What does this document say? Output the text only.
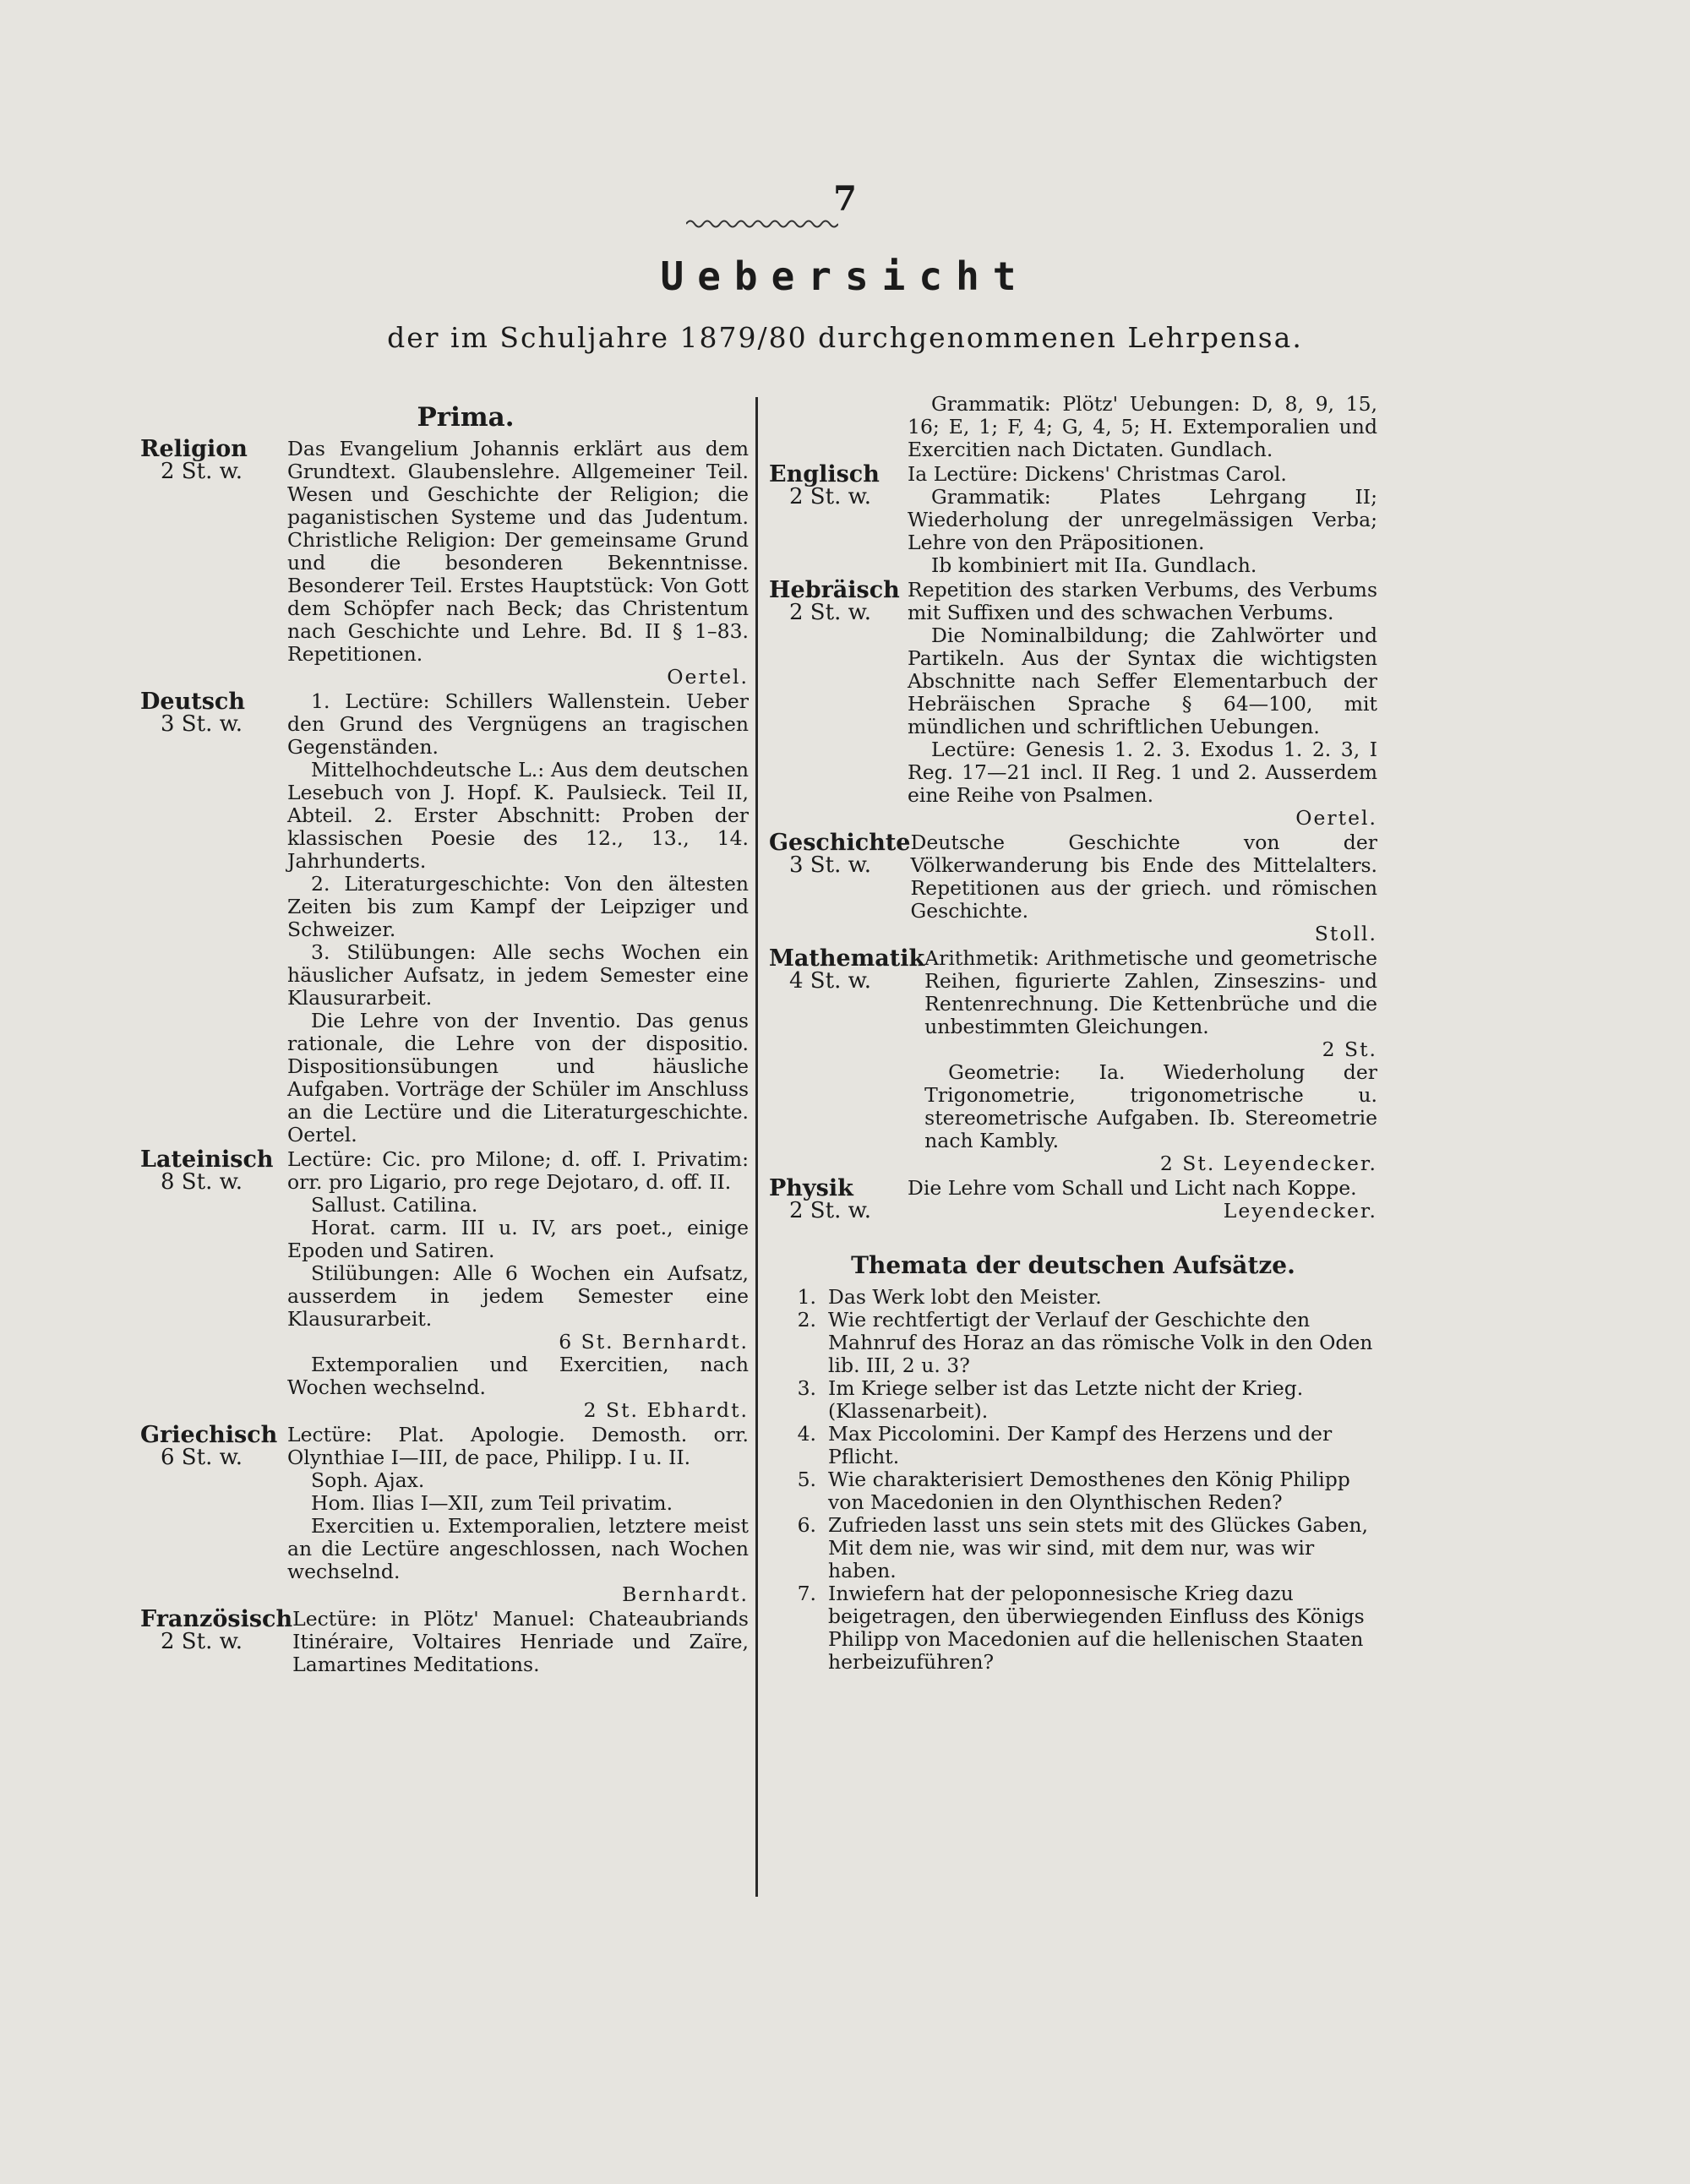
7
Uebersicht
der im Schuljahre 1879/80 durchgenommenen Lehrpensa.
Prima.
Religion
2 St. w.

Das Evangelium Johannis erklärt aus dem Grundtext. Glaubenslehre. Allgemeiner Teil. Wesen und Geschichte der Religion; die paganistischen Systeme und das Judentum. Christliche Religion: Der gemeinsame Grund und die besonderen Bekenntnisse. Besonderer Teil. Erstes Hauptstück: Von Gott dem Schöpfer nach Beck; das Christentum nach Geschichte und Lehre. Bd. II § 1–83. Repetitionen.

Oertel.
Deutsch
3 St. w.

1. Lectüre: Schillers Wallenstein. Ueber den Grund des Vergnügens an tragischen Gegenständen.

Mittelhochdeutsche L.: Aus dem deutschen Lesebuch von J. Hopf. K. Paulsieck. Teil II, Abteil. 2. Erster Abschnitt: Proben der klassischen Poesie des 12., 13., 14. Jahrhunderts.

2. Literaturgeschichte: Von den ältesten Zeiten bis zum Kampf der Leipziger und Schweizer.

3. Stilübungen: Alle sechs Wochen ein häuslicher Aufsatz, in jedem Semester eine Klausurarbeit.

Die Lehre von der Inventio. Das genus rationale, die Lehre von der dispositio. Dispositionsübungen und häusliche Aufgaben. Vorträge der Schüler im Anschluss an die Lectüre und die Literaturgeschichte. Oertel.

Lateinisch
8 St. w.

Lectüre: Cic. pro Milone; d. off. I. Privatim: orr. pro Ligario, pro rege Dejotaro, d. off. II.

Sallust. Catilina.

Horat. carm. III u. IV, ars poet., einige Epoden und Satiren.

Stilübungen: Alle 6 Wochen ein Aufsatz, ausserdem in jedem Semester eine Klausurarbeit.

6 St. Bernhardt.

Extemporalien und Exercitien, nach Wochen wechselnd.

2 St. Ebhardt.
Griechisch
6 St. w.

Lectüre: Plat. Apologie. Demosth. orr. Olynthiae I—III, de pace, Philipp. I u. II.

Soph. Ajax.

Hom. Ilias I—XII, zum Teil privatim.

Exercitien u. Extemporalien, letztere meist an die Lectüre angeschlossen, nach Wochen wechselnd.

Bernhardt.
Französisch
2 St. w.

Lectüre: in Plötz' Manuel: Chateaubriands Itinéraire, Voltaires Henriade und Zaïre, Lamartines Meditations.

Grammatik: Plötz' Uebungen: D, 8, 9, 15, 16; E, 1; F, 4; G, 4, 5; H. Extemporalien und Exercitien nach Dictaten. Gundlach.

Englisch
2 St. w.

Ia Lectüre: Dickens' Christmas Carol.

Grammatik: Plates Lehrgang II; Wiederholung der unregelmässigen Verba; Lehre von den Präpositionen.

Ib kombiniert mit IIa. Gundlach.

Hebräisch
2 St. w.

Repetition des starken Verbums, des Verbums mit Suffixen und des schwachen Verbums.

Die Nominalbildung; die Zahlwörter und Partikeln. Aus der Syntax die wichtigsten Abschnitte nach Seffer Elementarbuch der Hebräischen Sprache § 64—100, mit mündlichen und schriftlichen Uebungen.

Lectüre: Genesis 1. 2. 3. Exodus 1. 2. 3, I Reg. 17—21 incl. II Reg. 1 und 2. Ausserdem eine Reihe von Psalmen.

Oertel.
Geschichte
3 St. w.

Deutsche Geschichte von der Völkerwanderung bis Ende des Mittelalters. Repetitionen aus der griech. und römischen Geschichte.

Stoll.
Mathematik
4 St. w.

Arithmetik: Arithmetische und geometrische Reihen, figurierte Zahlen, Zinseszins- und Rentenrechnung. Die Kettenbrüche und die unbestimmten Gleichungen.

2 St.

Geometrie: Ia. Wiederholung der Trigonometrie, trigonometrische u. stereometrische Aufgaben. Ib. Stereometrie nach Kambly.

2 St. Leyendecker.
Physik
2 St. w.

Die Lehre vom Schall und Licht nach Koppe.

Leyendecker.
Themata der deutschen Aufsätze.
1. Das Werk lobt den Meister.
2. Wie rechtfertigt der Verlauf der Geschichte den Mahnruf des Horaz an das römische Volk in den Oden lib. III, 2 u. 3?
3. Im Kriege selber ist das Letzte nicht der Krieg. (Klassenarbeit).
4. Max Piccolomini. Der Kampf des Herzens und der Pflicht.
5. Wie charakterisiert Demosthenes den König Philipp von Macedonien in den Olynthischen Reden?
6. Zufrieden lasst uns sein stets mit des Glückes Gaben, Mit dem nie, was wir sind, mit dem nur, was wir haben.
7. Inwiefern hat der peloponnesische Krieg dazu beigetragen, den überwiegenden Einfluss des Königs Philipp von Macedonien auf die hellenischen Staaten herbeizuführen?
